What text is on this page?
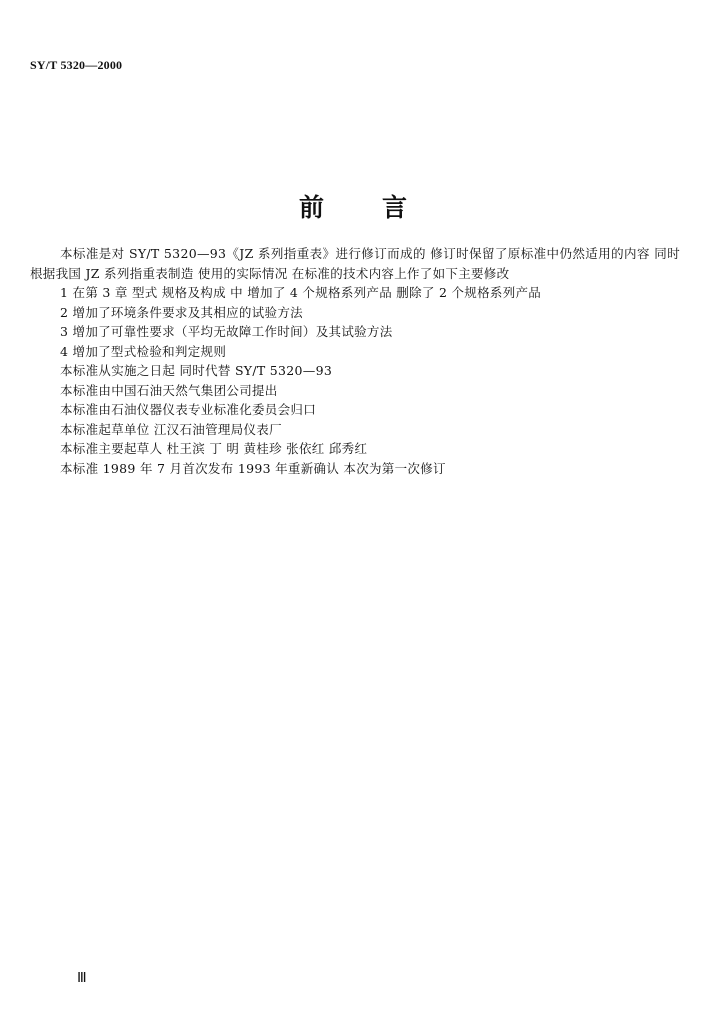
SY/T 5320—2000
前言

本标准是对 SY/T 5320—93《JZ 系列指重表》进行修订而成的 修订时保留了原标准中仍然适用的内容 同时根据我国 JZ 系列指重表制造 使用的实际情况 在标准的技术内容上作了如下主要修改

1 在第 3 章 型式 规格及构成 中 增加了 4 个规格系列产品 删除了 2 个规格系列产品

2 增加了环境条件要求及其相应的试验方法

3 增加了可靠性要求（平均无故障工作时间）及其试验方法

4 增加了型式检验和判定规则

本标准从实施之日起 同时代替 SY/T 5320—93

本标准由中国石油天然气集团公司提出

本标准由石油仪器仪表专业标准化委员会归口

本标准起草单位 江汉石油管理局仪表厂

本标准主要起草人 杜王滨 丁 明 黄桂珍 张依红 邱秀红

本标准 1989 年 7 月首次发布 1993 年重新确认 本次为第一次修订

Ⅲ
